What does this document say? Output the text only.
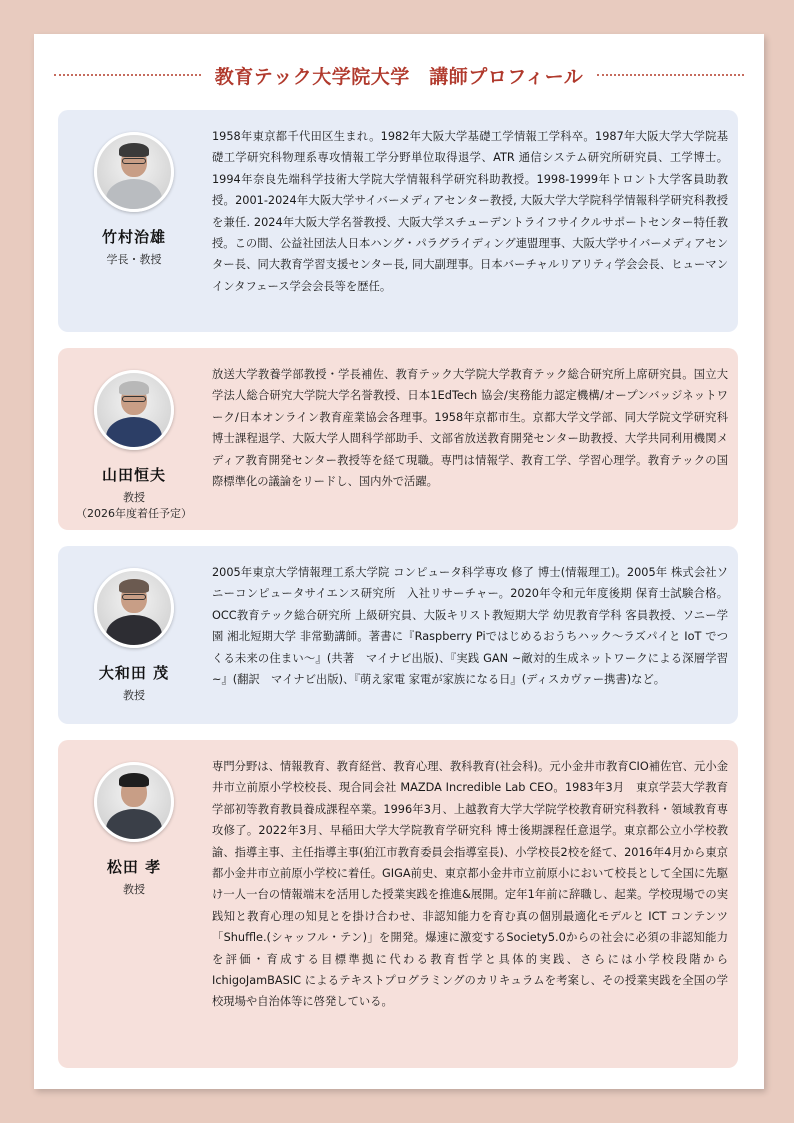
教育テック大学院大学　講師プロフィール
竹村治雄
学長・教授
1958年東京都千代田区生まれ。1982年大阪大学基礎工学情報工学科卒。1987年大阪大学大学院基礎工学研究科物理系専攻情報工学分野単位取得退学、ATR 通信システム研究所研究員、工学博士。1994年奈良先端科学技術大学院大学情報科学研究科助教授。1998-1999年トロント大学客員助教授。2001-2024年大阪大学サイバーメディアセンター教授, 大阪大学大学院科学情報科学研究科教授を兼任. 2024年大阪大学名誉教授、大阪大学スチューデントライフサイクルサポートセンター特任教授。この間、公益社団法人日本ハング・パラグライディング連盟理事、大阪大学サイバーメディアセンター長、同大教育学習支援センター長, 同大副理事。日本バーチャルリアリティ学会会長、ヒューマンインタフェース学会会長等を歴任。
山田恒夫
教授
（2026年度着任予定）
放送大学教養学部教授・学長補佐、教育テック大学院大学教育テック総合研究所上席研究員。国立大学法人総合研究大学院大学名誉教授、日本1EdTech 協会/実務能力認定機構/オープンバッジネットワーク/日本オンライン教育産業協会各理事。1958年京都市生。京都大学文学部、同大学院文学研究科博士課程退学、大阪大学人間科学部助手、文部省放送教育開発センター助教授、大学共同利用機関メディア教育開発センター教授等を経て現職。専門は情報学、教育工学、学習心理学。教育テックの国際標準化の議論をリードし、国内外で活躍。
大和田 茂
教授
2005年東京大学情報理工系大学院 コンピュータ科学専攻 修了 博士(情報理工)。2005年 株式会社ソニーコンピュータサイエンス研究所　入社リサーチャー。2020年令和元年度後期 保育士試験合格。OCC教育テック総合研究所 上級研究員、大阪キリスト教短期大学 幼児教育学科 客員教授、ソニー学園 湘北短期大学 非常勤講師。著書に『Raspberry Piではじめるおうちハック〜ラズパイと IoT でつくる未来の住まい〜』(共著　マイナビ出版)、『実践 GAN ~敵対的生成ネットワークによる深層学習~』(翻訳　マイナビ出版)、『萌え家電 家電が家族になる日』(ディスカヴァー携書)など。
松田 孝
教授
専門分野は、情報教育、教育経営、教育心理、教科教育(社会科)。元小金井市教育CIO補佐官、元小金井市立前原小学校校長、現合同会社 MAZDA Incredible Lab CEO。1983年3月　東京学芸大学教育学部初等教育教員養成課程卒業。1996年3月、上越教育大学大学院学校教育研究科教科・領域教育専攻修了。2022年3月、早稲田大学大学院教育学研究科 博士後期課程任意退学。東京都公立小学校教諭、指導主事、主任指導主事(狛江市教育委員会指導室長)、小学校長2校を経て、2016年4月から東京都小金井市立前原小学校に着任。GIGA前史、東京都小金井市立前原小において校長として全国に先駆け一人一台の情報端末を活用した授業実践を推進&展開。定年1年前に辞職し、起業。学校現場での実践知と教育心理の知見とを掛け合わせ、非認知能力を育む真の個別最適化モデルと ICT コンテンツ「Shuffle.(シャッフル・テン)」を開発。爆速に激変するSociety5.0からの社会に必須の非認知能力を評価・育成する目標準拠に代わる教育哲学と具体的実践、さらには小学校段階から IchigoJamBASIC によるテキストプログラミングのカリキュラムを考案し、その授業実践を全国の学校現場や自治体等に啓発している。
